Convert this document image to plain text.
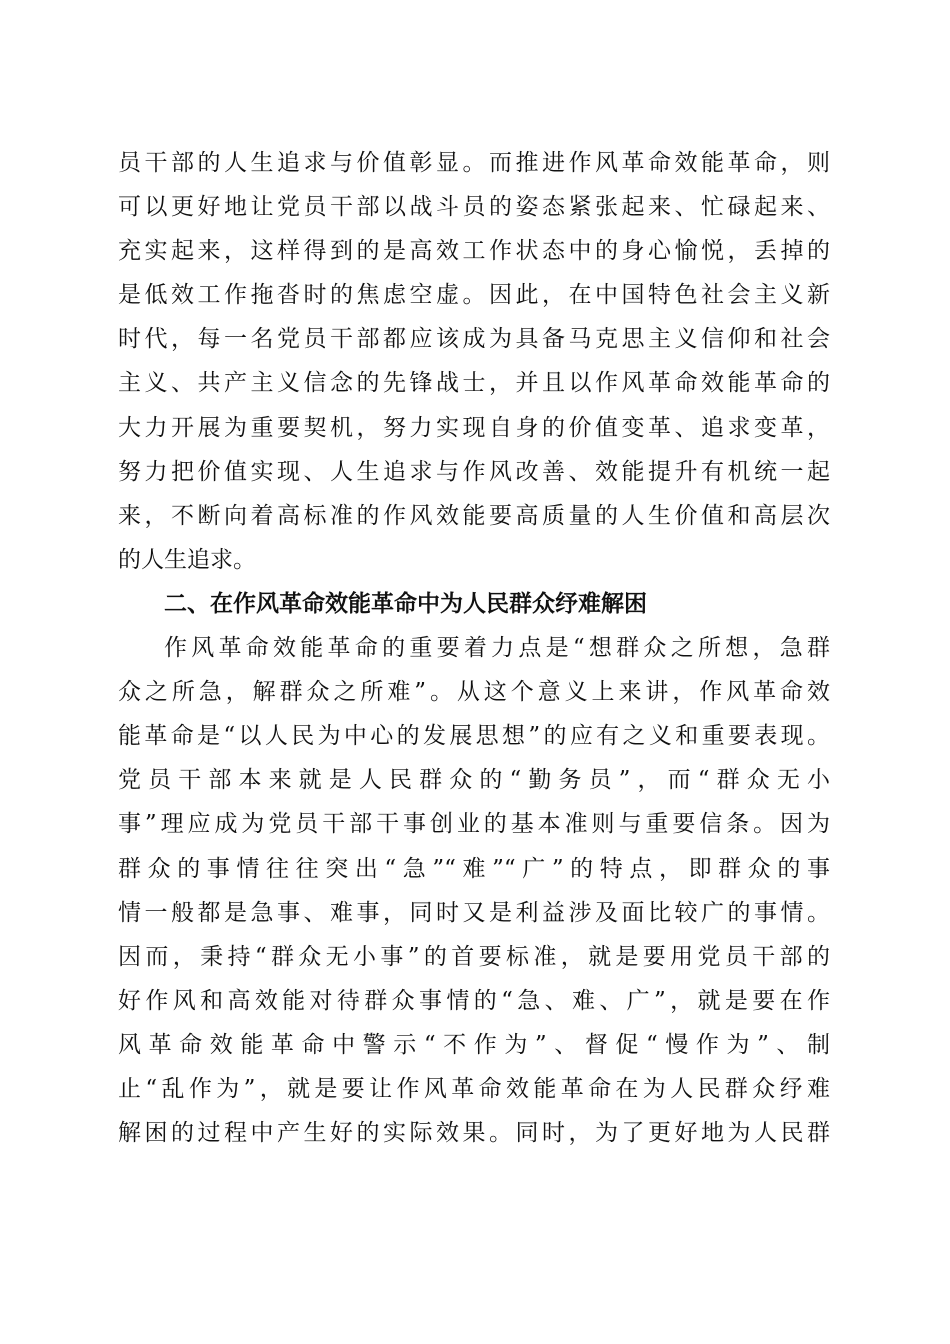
员干部的人生追求与价值彰显。而推进作风革命效能革命，则
可以更好地让党员干部以战斗员的姿态紧张起来、忙碌起来、
充实起来，这样得到的是高效工作状态中的身心愉悦，丢掉的
是低效工作拖沓时的焦虑空虚。因此，在中国特色社会主义新
时代，每一名党员干部都应该成为具备马克思主义信仰和社会
主义、共产主义信念的先锋战士，并且以作风革命效能革命的
大力开展为重要契机，努力实现自身的价值变革、追求变革，
努力把价值实现、人生追求与作风改善、效能提升有机统一起
来，不断向着高标准的作风效能要高质量的人生价值和高层次
的人生追求。
二、在作风革命效能革命中为人民群众纾难解困
作风革命效能革命的重要着力点是“想群众之所想，急群
众之所急，解群众之所难”。从这个意义上来讲，作风革命效
能革命是“以人民为中心的发展思想”的应有之义和重要表现。
党员干部本来就是人民群众的“勤务员”，而“群众无小
事”理应成为党员干部干事创业的基本准则与重要信条。因为
群众的事情往往突出“急”“难”“广”的特点，即群众的事
情一般都是急事、难事，同时又是利益涉及面比较广的事情。
因而，秉持“群众无小事”的首要标准，就是要用党员干部的
好作风和高效能对待群众事情的“急、难、广”，就是要在作
风革命效能革命中警示“不作为”、督促“慢作为”、制
止“乱作为”，就是要让作风革命效能革命在为人民群众纾难
解困的过程中产生好的实际效果。同时，为了更好地为人民群
